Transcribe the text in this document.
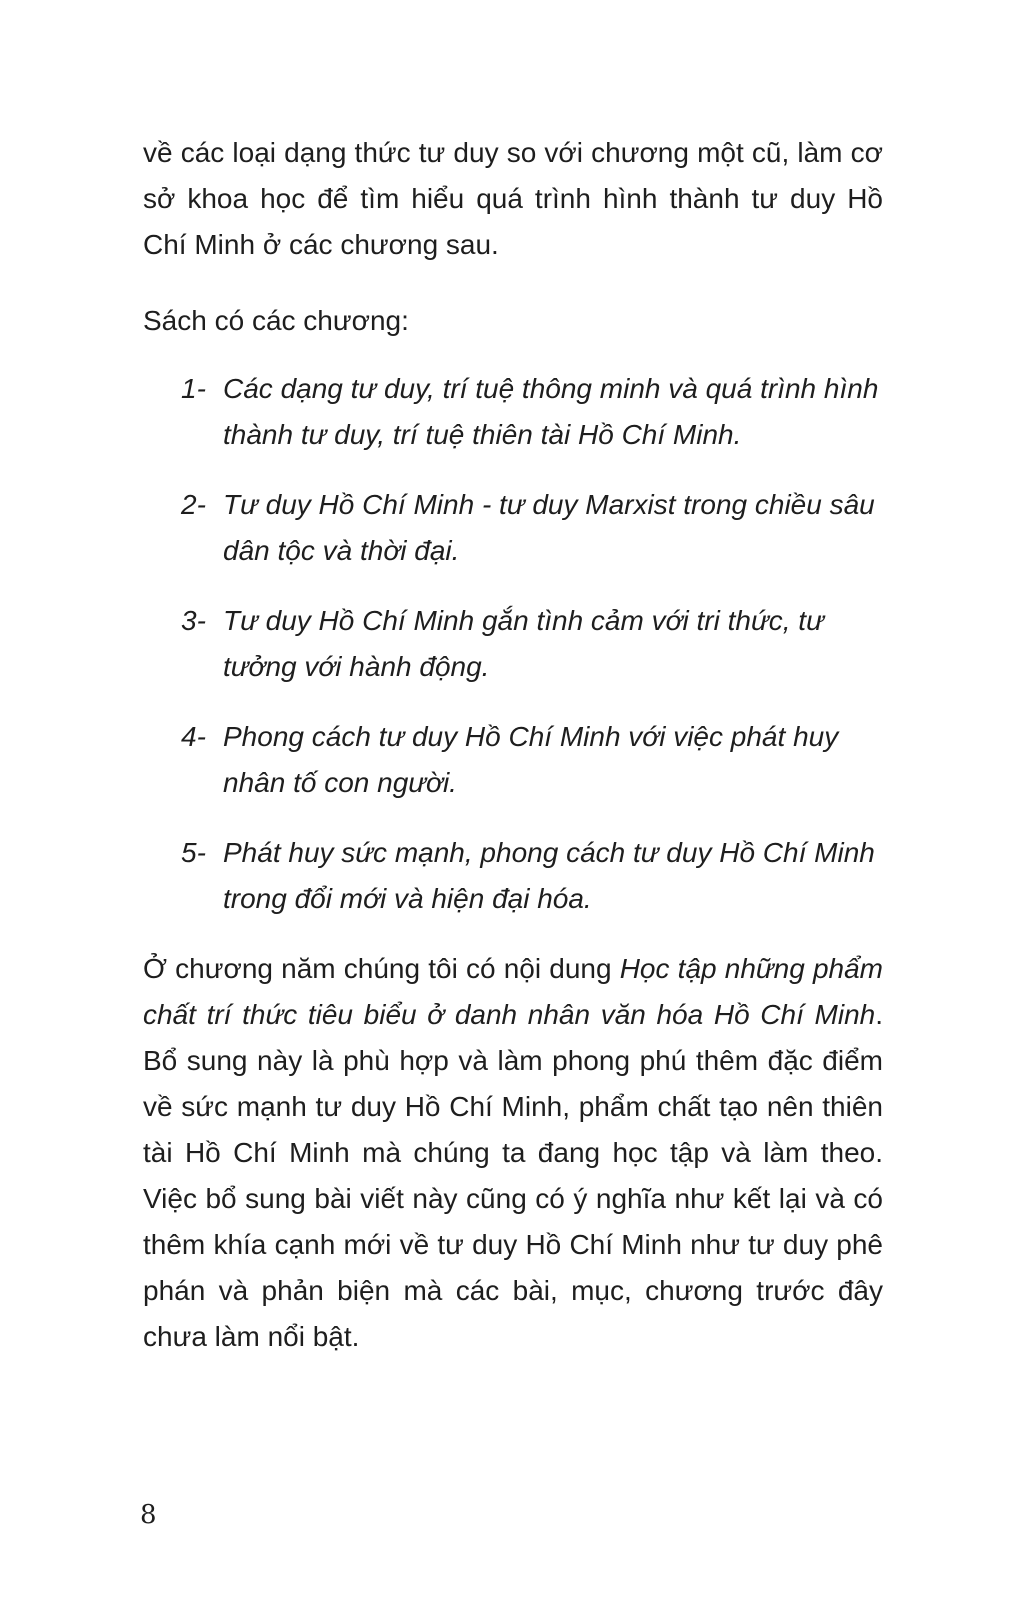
về các loại dạng thức tư duy so với chương một cũ, làm cơ sở khoa học để tìm hiểu quá trình hình thành tư duy Hồ Chí Minh ở các chương sau.

Sách có các chương:

1- Các dạng tư duy, trí tuệ thông minh và quá trình hình thành tư duy, trí tuệ thiên tài Hồ Chí Minh.
2- Tư duy Hồ Chí Minh - tư duy Marxist trong chiều sâu dân tộc và thời đại.
3- Tư duy Hồ Chí Minh gắn tình cảm với tri thức, tư tưởng với hành động.
4- Phong cách tư duy Hồ Chí Minh với việc phát huy nhân tố con người.
5- Phát huy sức mạnh, phong cách tư duy Hồ Chí Minh trong đổi mới và hiện đại hóa.

Ở chương năm chúng tôi có nội dung Học tập những phẩm chất trí thức tiêu biểu ở danh nhân văn hóa Hồ Chí Minh. Bổ sung này là phù hợp và làm phong phú thêm đặc điểm về sức mạnh tư duy Hồ Chí Minh, phẩm chất tạo nên thiên tài Hồ Chí Minh mà chúng ta đang học tập và làm theo. Việc bổ sung bài viết này cũng có ý nghĩa như kết lại và có thêm khía cạnh mới về tư duy Hồ Chí Minh như tư duy phê phán và phản biện mà các bài, mục, chương trước đây chưa làm nổi bật.

8
